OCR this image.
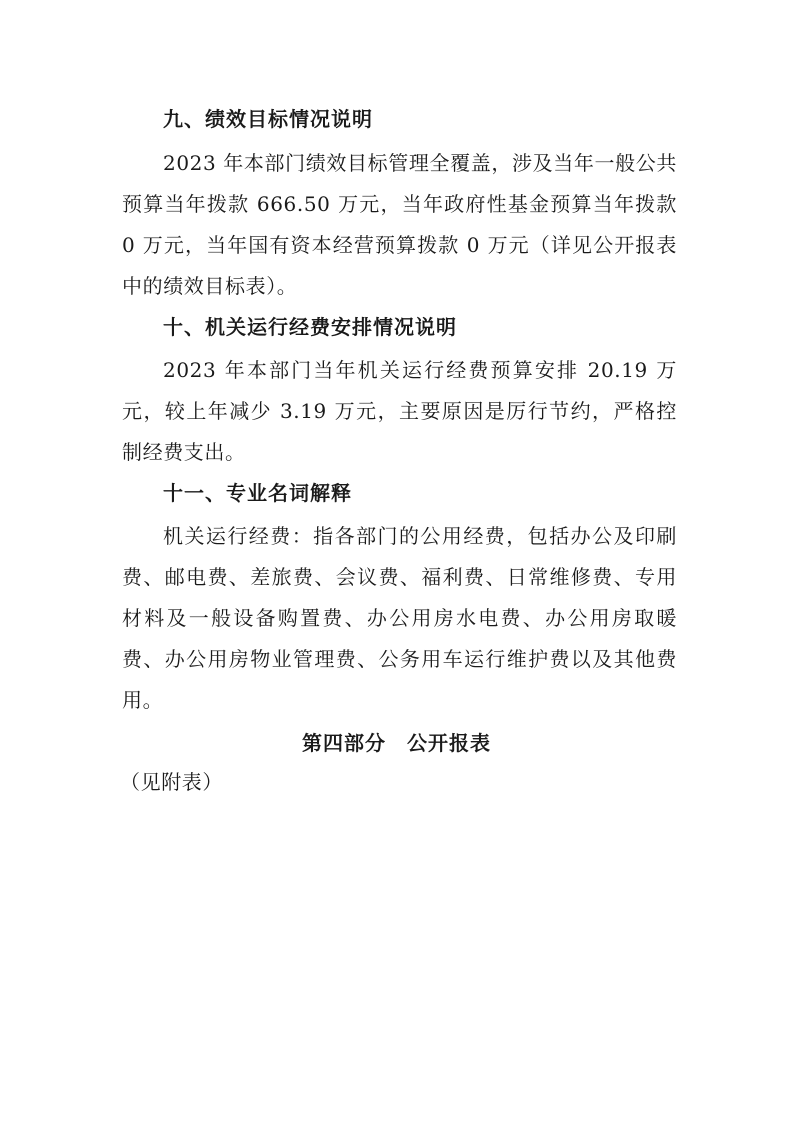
九、绩效目标情况说明

2023 年本部门绩效目标管理全覆盖，涉及当年一般公共预算当年拨款 666.50 万元，当年政府性基金预算当年拨款 0 万元，当年国有资本经营预算拨款 0 万元（详见公开报表中的绩效目标表）。

十、机关运行经费安排情况说明

2023 年本部门当年机关运行经费预算安排 20.19 万元，较上年减少 3.19 万元，主要原因是厉行节约，严格控制经费支出。

十一、专业名词解释

机关运行经费：指各部门的公用经费，包括办公及印刷费、邮电费、差旅费、会议费、福利费、日常维修费、专用材料及一般设备购置费、办公用房水电费、办公用房取暖费、办公用房物业管理费、公务用车运行维护费以及其他费用。

第四部分　公开报表

（见附表）
